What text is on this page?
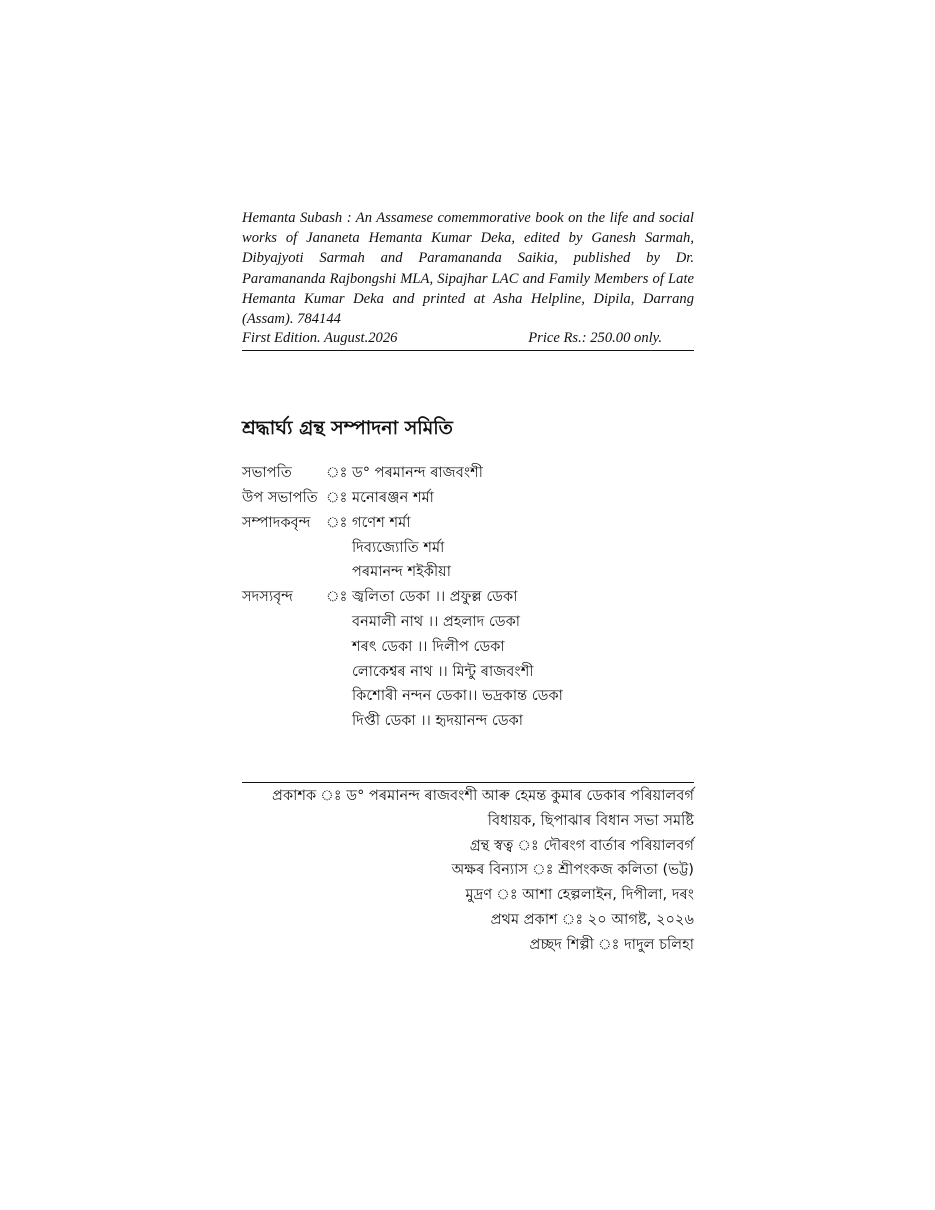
Hemanta Subash : An Assamese comemmorative book on the life and social works of Jananeta Hemanta Kumar Deka, edited by Ganesh Sarmah, Dibyajyoti Sarmah and Paramananda Saikia, published by Dr. Paramananda Rajbongshi MLA, Sipajhar LAC and Family Members of Late Hemanta Kumar Deka and printed at Asha Helpline, Dipila, Darrang (Assam). 784144
First Edition. August.2026	Price Rs.: 250.00 only.
শ্ৰদ্ধাৰ্ঘ্য গ্ৰন্থ সম্পাদনা সমিতি
সভাপতি	ঃ ড° পৰমানন্দ ৰাজবংশী
উপ সভাপতি ঃ মনোৰঞ্জন শৰ্মা
সম্পাদকবৃন্দ	ঃ গণেশ শৰ্মা
দিব্যজ্যোতি শৰ্মা
পৰমানন্দ শইকীয়া
সদস্যবৃন্দ	ঃ জ্বলিতা ডেকা ।। প্ৰফুল্ল ডেকা
বনমালী নাথ ।। প্ৰহলাদ ডেকা
শৰৎ ডেকা ।। দিলীপ ডেকা
লোকেশ্বৰ নাথ ।। মিন্টু ৰাজবংশী
কিশোৰী নন্দন ডেকা।। ভদ্ৰকান্ত ডেকা
দিপ্তী ডেকা ।। হৃদয়ানন্দ ডেকা
প্ৰকাশক ঃ ড° পৰমানন্দ ৰাজবংশী আৰু হেমন্ত কুমাৰ ডেকাৰ পৰিয়ালবৰ্গ
বিধায়ক, ছিপাঝাৰ বিধান সভা সমষ্টি
গ্ৰন্থ স্বত্ব ঃ দৌৰংগ বাৰ্তাৰ পৰিয়ালবৰ্গ
অক্ষৰ বিন্যাস ঃ শ্ৰীপংকজ কলিতা (ভট্ট)
মুদ্ৰণ ঃ আশা হেল্পলাইন, দিপীলা, দৰং
প্ৰথম প্ৰকাশ ঃ ২০ আগষ্ট, ২০২৬
প্ৰচ্ছদ শিল্পী ঃ দাদুল চলিহা
